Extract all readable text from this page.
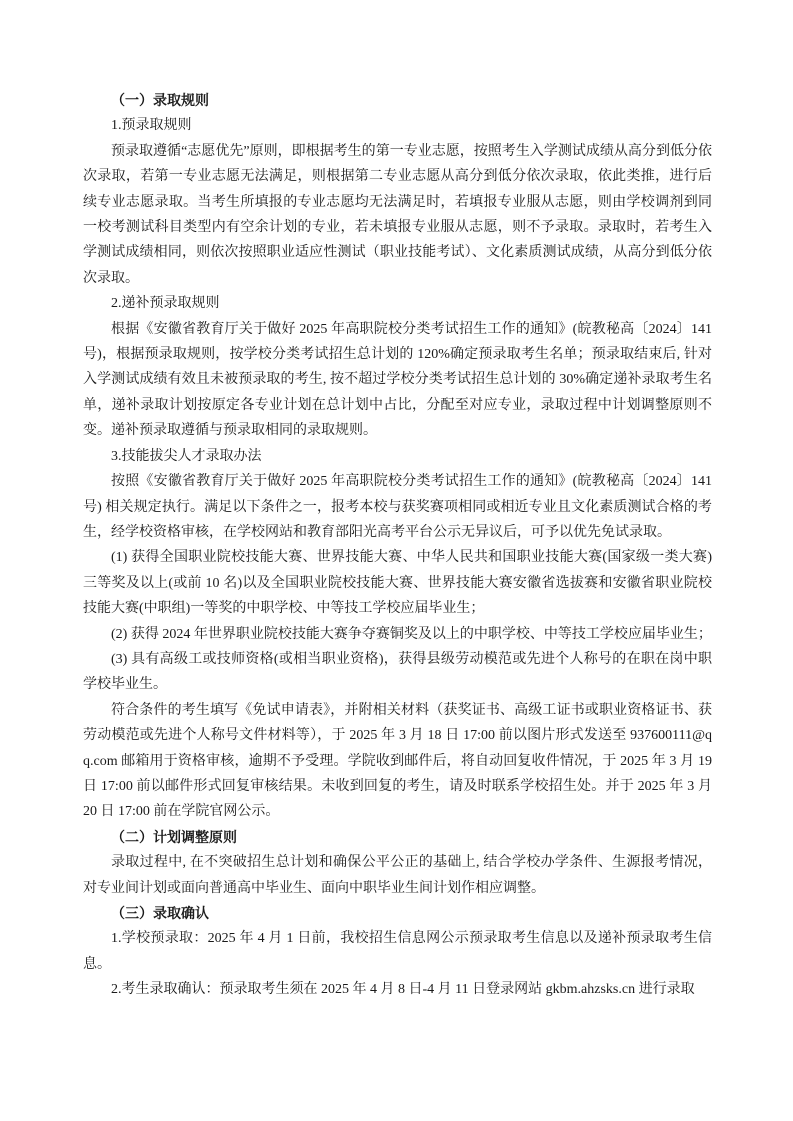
（一）录取规则

1.预录取规则

预录取遵循“志愿优先”原则，即根据考生的第一专业志愿，按照考生入学测试成绩从高分到低分依次录取，若第一专业志愿无法满足，则根据第二专业志愿从高分到低分依次录取，依此类推，进行后续专业志愿录取。当考生所填报的专业志愿均无法满足时，若填报专业服从志愿，则由学校调剂到同一校考测试科目类型内有空余计划的专业，若未填报专业服从志愿，则不予录取。录取时，若考生入学测试成绩相同，则依次按照职业适应性测试（职业技能考试）、文化素质测试成绩，从高分到低分依次录取。

2.递补预录取规则

根据《安徽省教育厅关于做好 2025 年高职院校分类考试招生工作的通知》(皖教秘高〔2024〕141 号)，根据预录取规则，按学校分类考试招生总计划的 120%确定预录取考生名单；预录取结束后, 针对入学测试成绩有效且未被预录取的考生, 按不超过学校分类考试招生总计划的 30%确定递补录取考生名单，递补录取计划按原定各专业计划在总计划中占比，分配至对应专业，录取过程中计划调整原则不变。递补预录取遵循与预录取相同的录取规则。

3.技能拔尖人才录取办法

按照《安徽省教育厅关于做好 2025 年高职院校分类考试招生工作的通知》(皖教秘高〔2024〕141 号) 相关规定执行。满足以下条件之一，报考本校与获奖赛项相同或相近专业且文化素质测试合格的考生，经学校资格审核，在学校网站和教育部阳光高考平台公示无异议后，可予以优先免试录取。

(1) 获得全国职业院校技能大赛、世界技能大赛、中华人民共和国职业技能大赛(国家级一类大赛)三等奖及以上(或前 10 名)以及全国职业院校技能大赛、世界技能大赛安徽省选拔赛和安徽省职业院校技能大赛(中职组)一等奖的中职学校、中等技工学校应届毕业生；

(2) 获得 2024 年世界职业院校技能大赛争夺赛铜奖及以上的中职学校、中等技工学校应届毕业生；

(3) 具有高级工或技师资格(或相当职业资格)，获得县级劳动模范或先进个人称号的在职在岗中职学校毕业生。

符合条件的考生填写《免试申请表》，并附相关材料（获奖证书、高级工证书或职业资格证书、获劳动模范或先进个人称号文件材料等），于 2025 年 3 月 18 日 17:00 前以图片形式发送至 937600111@qq.com 邮箱用于资格审核，逾期不予受理。学院收到邮件后，将自动回复收件情况，于 2025 年 3 月 19 日 17:00 前以邮件形式回复审核结果。未收到回复的考生，请及时联系学校招生处。并于 2025 年 3 月 20 日 17:00 前在学院官网公示。

（二）计划调整原则

录取过程中, 在不突破招生总计划和确保公平公正的基础上, 结合学校办学条件、生源报考情况，对专业间计划或面向普通高中毕业生、面向中职毕业生间计划作相应调整。

（三）录取确认

1.学校预录取：2025 年 4 月 1 日前，我校招生信息网公示预录取考生信息以及递补预录取考生信息。

2.考生录取确认：预录取考生须在 2025 年 4 月 8 日-4 月 11 日登录网站 gkbm.ahzsks.cn 进行录取
